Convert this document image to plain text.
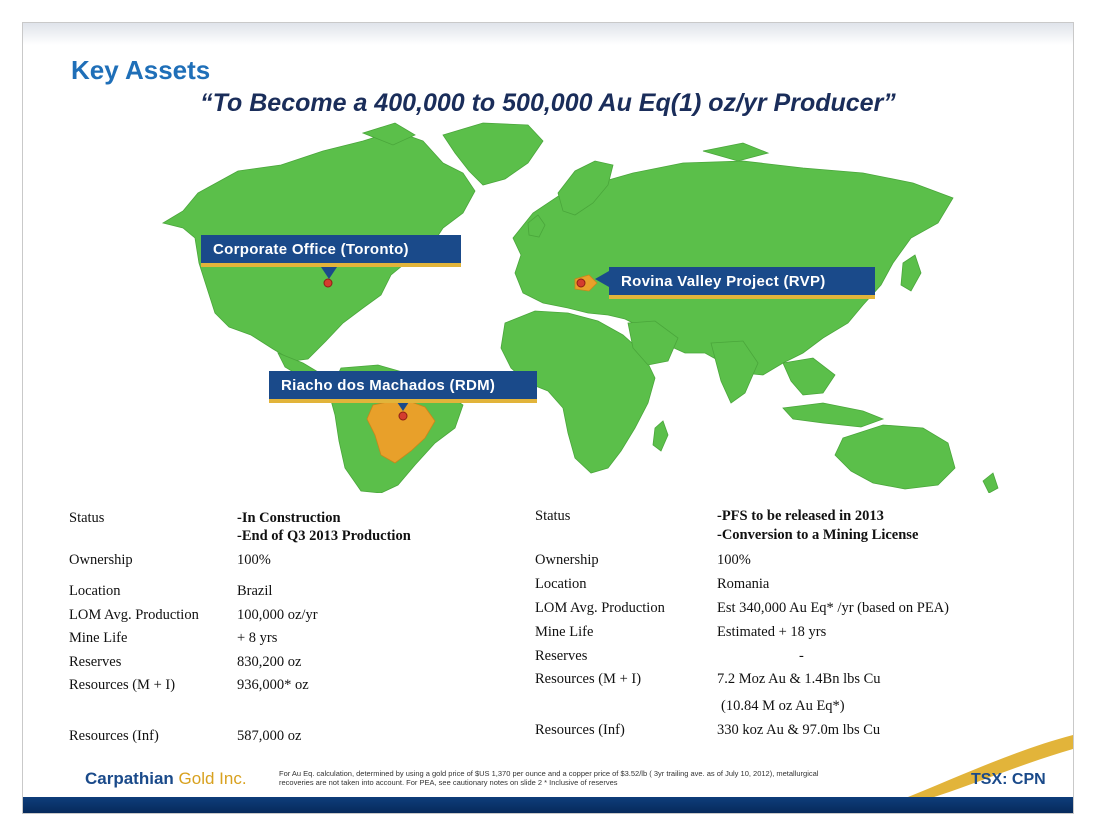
Key Assets
“To Become a 400,000 to 500,000 Au Eq(1) oz/yr Producer”
Corporate Office (Toronto)
Rovina Valley Project (RVP)
Riacho dos Machados (RDM)
Status	-In Construction
-End of Q3 2013 Production
Ownership	100%
Location	Brazil
LOM Avg. Production	100,000 oz/yr
Mine Life	+ 8 yrs
Reserves	830,200 oz
Resources (M + I)	936,000* oz
Resources (Inf)	587,000 oz
Status	-PFS to be released in 2013
-Conversion to a Mining License
Ownership	100%
Location	Romania
LOM Avg. Production	Est 340,000 Au Eq* /yr (based on PEA)
Mine Life	Estimated + 18 yrs
Reserves	-
Resources (M + I)	7.2 Moz Au & 1.4Bn lbs Cu
(10.84 M oz Au Eq*)
Resources (Inf)	330 koz Au & 97.0m lbs Cu
Carpathian Gold Inc.	For Au Eq. calculation, determined by using a gold price of $US 1,370 per ounce and a copper price of $3.52/lb ( 3yr trailing ave. as of July 10, 2012), metallurgical
recoveries are not taken into account. For PEA, see cautionary notes on slide 2 * Inclusive of reserves	TSX: CPN
